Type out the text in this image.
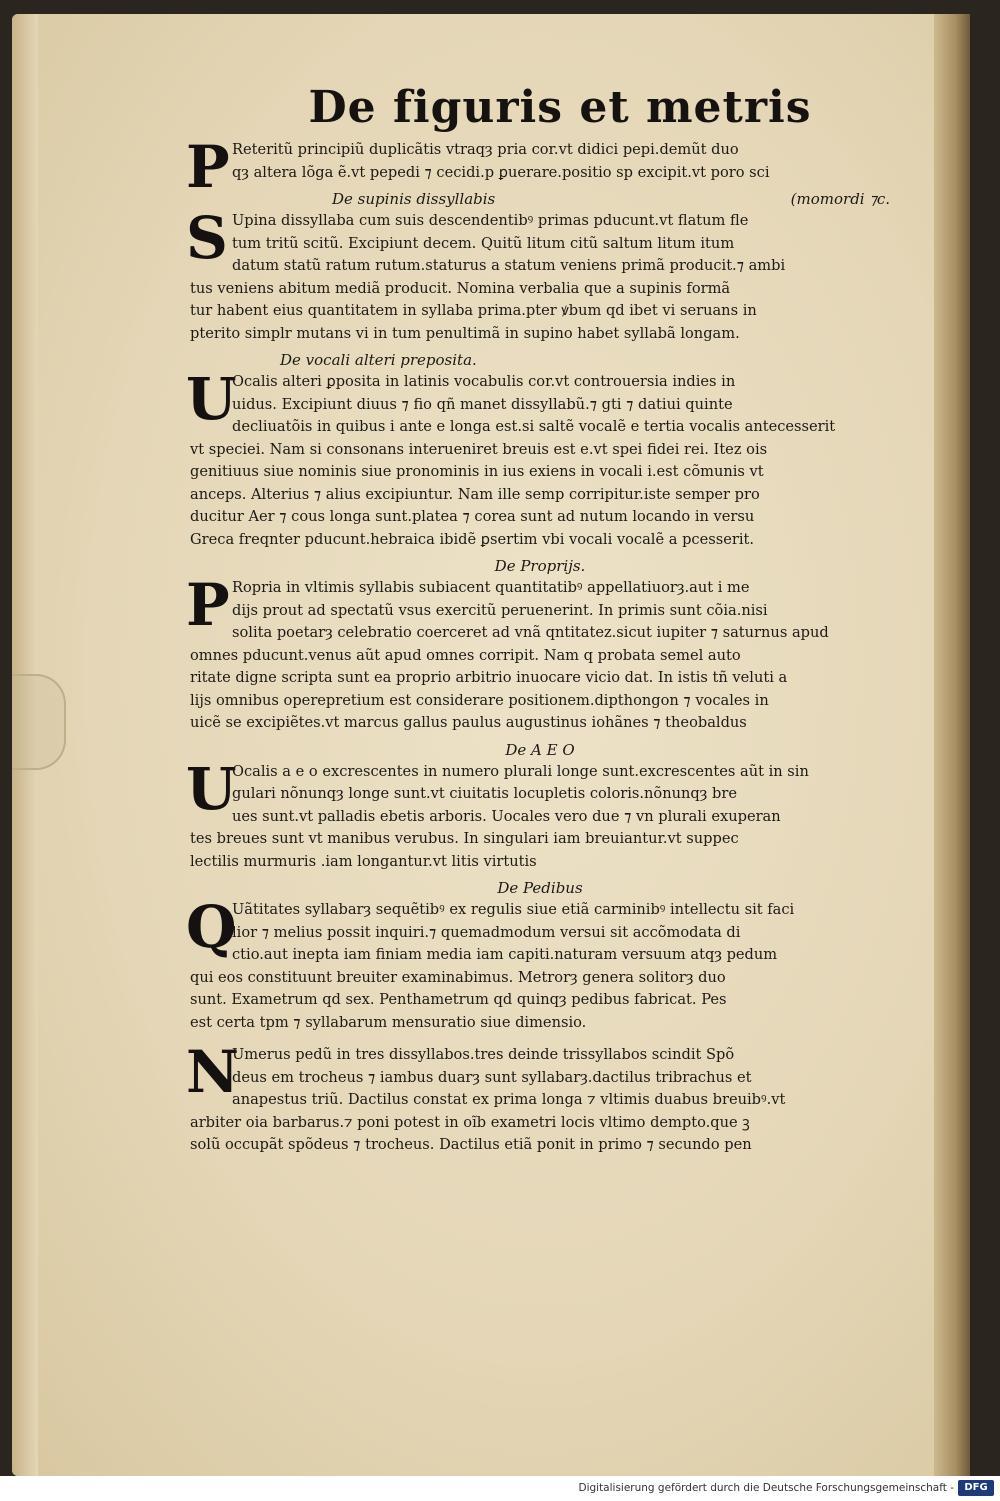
De figuris et metris
P Reteritũ principiũ duplicãtis vtraqȝ pria cor.vt didici pepi.demũt duo
qȝ altera lõga ẽ.vt pepedi ⁊ cecidi.p ꝑuerare.positio sp excipit.vt poro sci
De supinis dissyllabis	(momordi ⁊c.
S Upina dissyllaba cum suis descendentibꝰ primas pducunt.vt flatum fle
tum tritũ scitũ. Excipiunt decem. Quitũ litum citũ saltum litum itum
datum statũ ratum rutum.staturus a statum veniens primã producit.⁊ ambi
tus veniens abitum mediã producit. Nomina verbalia que a supinis formã
tur habent eius quantitatem in syllaba prima.pter ꝟbum qd ibet vi seruans in
pterito simplr mutans vi in tum penultimã in supino habet syllabã longam.
De vocali alteri preposita.
U
Ocalis alteri ꝑposita in latinis vocabulis cor.vt controuersia indies in
uidus. Excipiunt diuus ⁊ fio qñ manet dissyllabũ.⁊ gti ⁊ datiui quinte
decliuatõis in quibus i ante e longa est.si saltẽ vocalẽ e tertia vocalis antecesserit
vt speciei. Nam si consonans interueniret breuis est e.vt spei fidei rei. Itez ois
genitiuus siue nominis siue pronominis in ius exiens in vocali i.est cõmunis vt
anceps. Alterius ⁊ alius excipiuntur. Nam ille semp corripitur.iste semper pro
ducitur Aer ⁊ cous longa sunt.platea ⁊ corea sunt ad nutum locando in versu
Greca freqnter pducunt.hebraica ibidẽ ꝑsertim vbi vocali vocalẽ a pcesserit.
De Proprijs.
P Ropria in vltimis syllabis subiacent quantitatibꝰ appellatiuorȝ.aut i me
dijs prout ad spectatũ vsus exercitũ peruenerint. In primis sunt cõia.nisi
solita poetarȝ celebratio coerceret ad vnã qntitatez.sicut iupiter ⁊ saturnus apud
omnes pducunt.venus aũt apud omnes corripit. Nam q probata semel auto
ritate digne scripta sunt ea proprio arbitrio inuocare vicio dat. In istis tñ veluti a
lijs omnibus operepretium est considerare positionem.dipthongon ⁊ vocales in
uicẽ se excipiẽtes.vt marcus gallus paulus augustinus iohãnes ⁊ theobaldus
De A E O
U
Ocalis a e o excrescentes in numero plurali longe sunt.excrescentes aũt in sin
gulari nõnunqȝ longe sunt.vt ciuitatis locupletis coloris.nõnunqȝ bre
ues sunt.vt palladis ebetis arboris. Uocales vero due ⁊ vn plurali exuperan
tes breues sunt vt manibus verubus. In singulari iam breuiantur.vt suppec
lectilis murmuris .iam longantur.vt litis virtutis
De Pedibus
Q
Uãtitates syllabarȝ sequẽtibꝰ ex regulis siue etiã carminibꝰ intellectu sit faci
lior ⁊ melius possit inquiri.⁊ quemadmodum versui sit accõmodata di
ctio.aut inepta iam finiam media iam capiti.naturam versuum atqȝ pedum
qui eos constituunt breuiter examinabimus. Metrorȝ genera solitorȝ duo
sunt. Exametrum qd sex. Penthametrum qd quinqȝ pedibus fabricat. Pes
est certa tpm ⁊ syllabarum mensuratio siue dimensio.
N
Umerus pedũ in tres dissyllabos.tres deinde trissyllabos scindit Spõ
deus em trocheus ⁊ iambus duarȝ sunt syllabarȝ.dactilus tribrachus et
anapestus triũ. Dactilus constat ex prima longa ⁊ vltimis duabus breuibꝰ.vt
arbiter oia barbarus.⁊ poni potest in oĩb exametri locis vltimo dempto.que ꝫ
solũ occupãt spõdeus ⁊ trocheus. Dactilus etiã ponit in primo ⁊ secundo pen
Digitalisierung gefördert durch die Deutsche Forschungsgemeinschaft -	DFG
